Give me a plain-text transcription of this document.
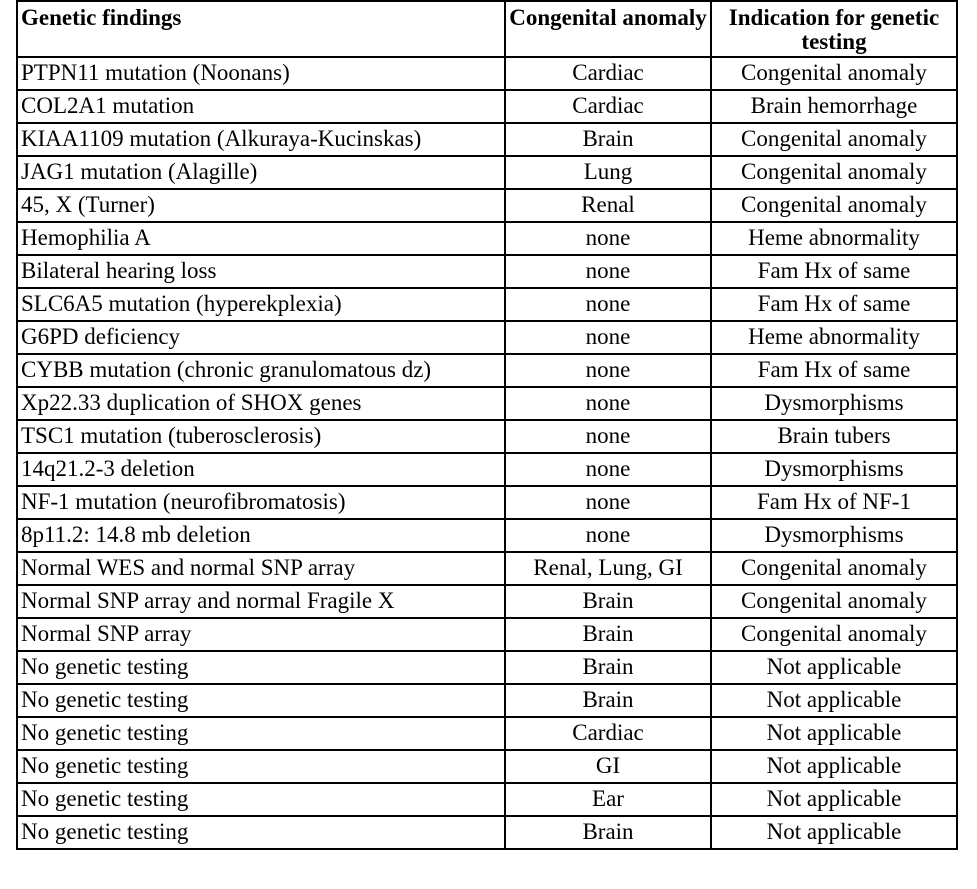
Genetic findings	Congenital anomaly	Indication for genetic testing
PTPN11 mutation (Noonans)	Cardiac	Congenital anomaly
COL2A1 mutation	Cardiac	Brain hemorrhage
KIAA1109 mutation (Alkuraya-Kucinskas)	Brain	Congenital anomaly
JAG1 mutation (Alagille)	Lung	Congenital anomaly
45, X (Turner)	Renal	Congenital anomaly
Hemophilia A	none	Heme abnormality
Bilateral hearing loss	none	Fam Hx of same
SLC6A5 mutation (hyperekplexia)	none	Fam Hx of same
G6PD deficiency	none	Heme abnormality
CYBB mutation (chronic granulomatous dz)	none	Fam Hx of same
Xp22.33 duplication of SHOX genes	none	Dysmorphisms
TSC1 mutation (tuberosclerosis)	none	Brain tubers
14q21.2-3 deletion	none	Dysmorphisms
NF-1 mutation (neurofibromatosis)	none	Fam Hx of NF-1
8p11.2: 14.8 mb deletion	none	Dysmorphisms
Normal WES and normal SNP array	Renal, Lung, GI	Congenital anomaly
Normal SNP array and normal Fragile X	Brain	Congenital anomaly
Normal SNP array	Brain	Congenital anomaly
No genetic testing	Brain	Not applicable
No genetic testing	Brain	Not applicable
No genetic testing	Cardiac	Not applicable
No genetic testing	GI	Not applicable
No genetic testing	Ear	Not applicable
No genetic testing	Brain	Not applicable
